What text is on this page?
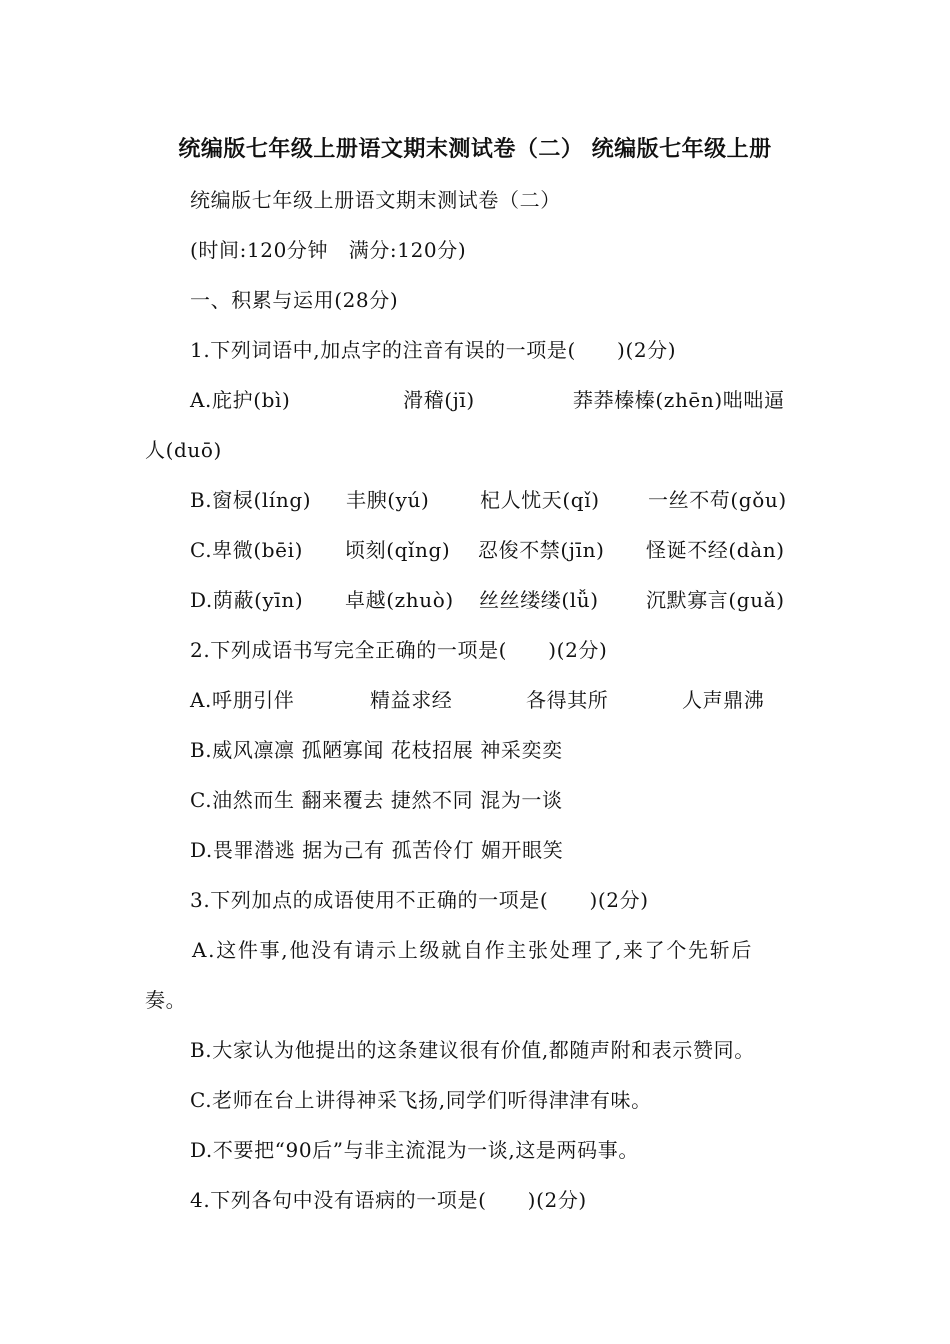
统编版七年级上册语文期末测试卷（二） 统编版七年级上册
统编版七年级上册语文期末测试卷（二）
(时间:120分钟　满分:120分)
一、积累与运用(28分)
1.下列词语中,加点字的注音有误的一项是(　　)(2分)
A.庇护(bì)	滑稽(jī)	莽莽榛榛(zhēn)咄咄逼
人(duō)
B.窗棂(líng)	丰腴(yú)	杞人忧天(qǐ)	一丝不苟(gǒu)
C.卑微(bēi)	顷刻(qǐng)	忍俊不禁(jīn)	怪诞不经(dàn)
D.荫蔽(yīn)	卓越(zhuò)	丝丝缕缕(lǚ)	沉默寡言(guǎ)
2.下列成语书写完全正确的一项是(　　)(2分)
A.呼朋引伴	精益求经	各得其所	人声鼎沸
B.威风凛凛 孤陋寡闻 花枝招展 神采奕奕
C.油然而生 翻来覆去 捷然不同 混为一谈
D.畏罪潜逃 据为己有 孤苦伶仃 媚开眼笑
3.下列加点的成语使用不正确的一项是(　　)(2分)
A.这件事,他没有请示上级就自作主张处理了,来了个先斩后
奏。
B.大家认为他提出的这条建议很有价值,都随声附和表示赞同。
C.老师在台上讲得神采飞扬,同学们听得津津有味。
D.不要把“90后”与非主流混为一谈,这是两码事。
4.下列各句中没有语病的一项是(　　)(2分)
